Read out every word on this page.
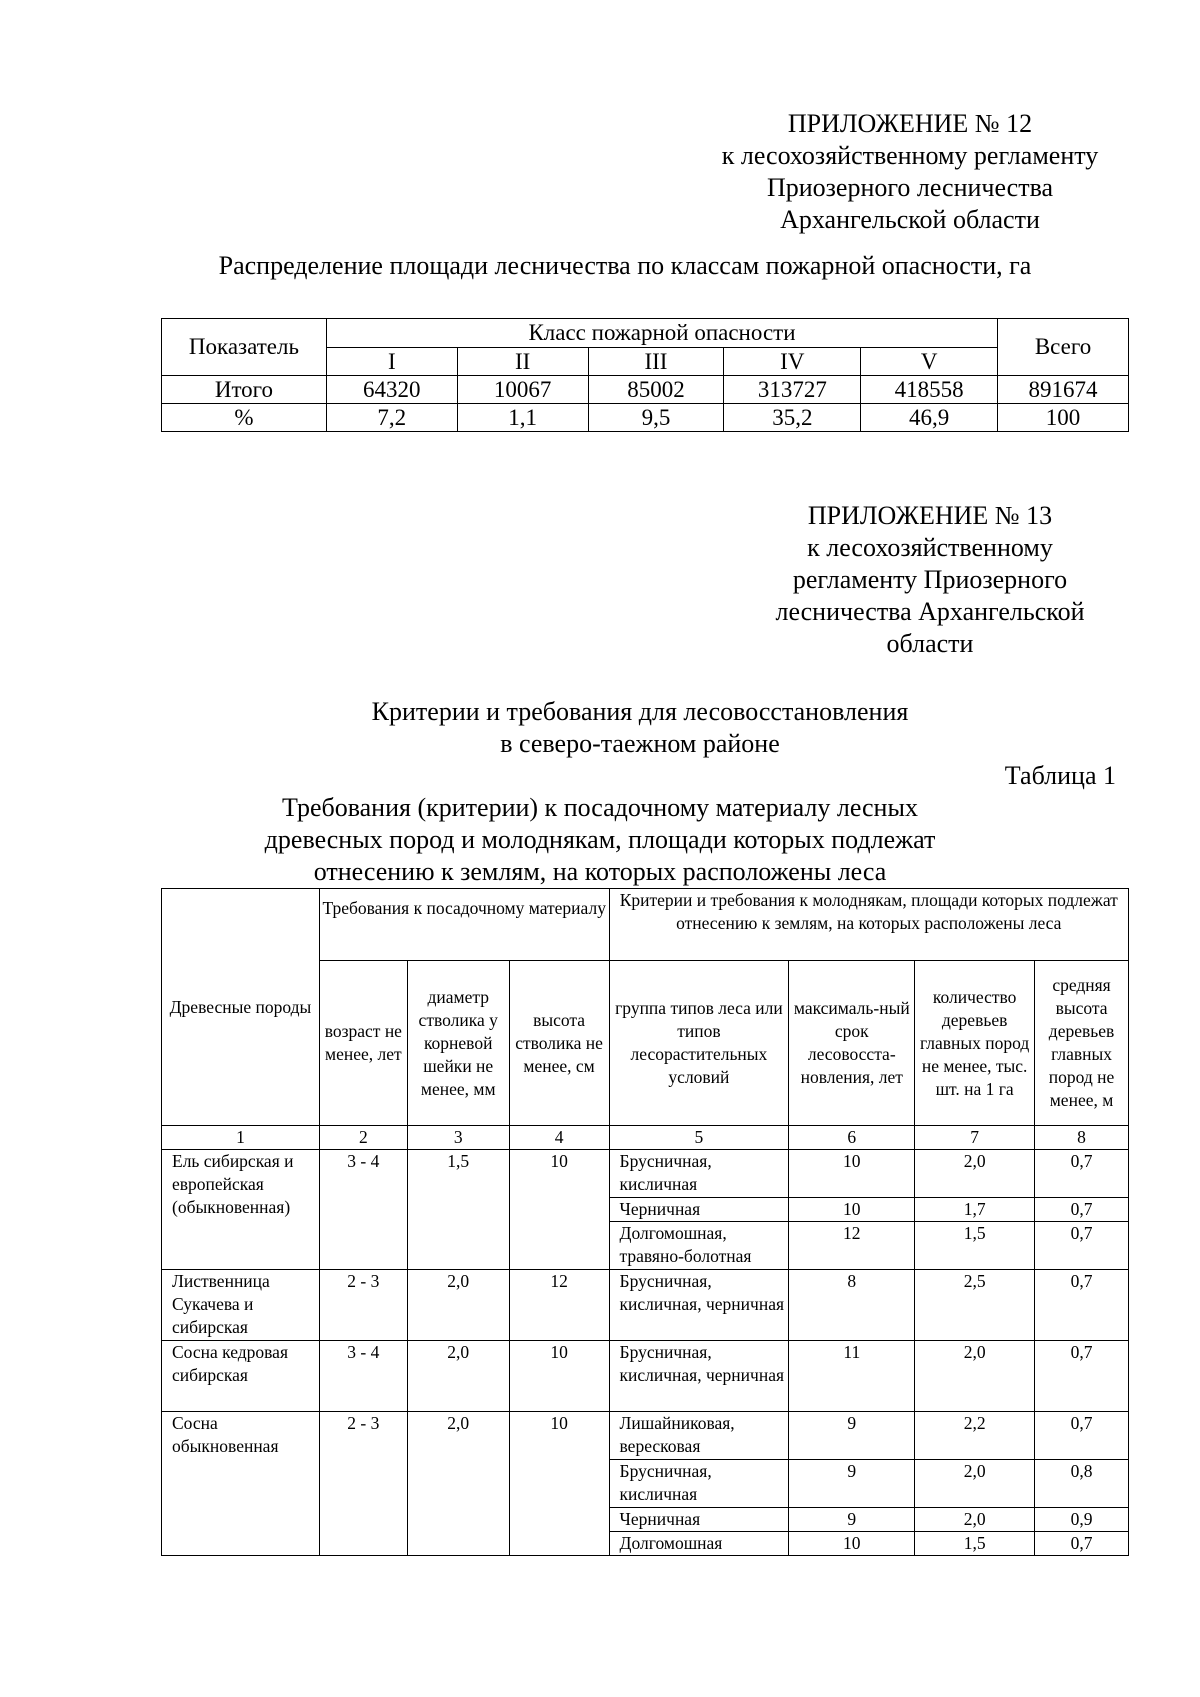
ПРИЛОЖЕНИЕ № 12
к лесохозяйственному регламенту
Приозерного лесничества
Архангельской области
Распределение площади лесничества по классам пожарной опасности, га
Показатель	Класс пожарной опасности					Всего
	I	II	III	IV	V	
Итого	64320	10067	85002	313727	418558	891674
%	7,2	1,1	9,5	35,2	46,9	100
ПРИЛОЖЕНИЕ № 13
к лесохозяйственному
регламенту Приозерного
лесничества Архангельской
области
Критерии и требования для лесовосстановления
в северо-таежном районе
Таблица 1
Требования (критерии) к посадочному материалу лесных
древесных пород и молоднякам, площади которых подлежат
отнесению к землям, на которых расположены леса
Древесные породы	Требования к посадочному материалу			Критерии и требования к молоднякам, площади которых подлежат отнесению к землям, на которых расположены леса			
	возраст не менее, лет	диаметр стволика у корневой шейки не менее, мм	высота стволика не менее, см	группа типов леса или типов лесорастительных условий	максималь-ный срок лесовосста-новления, лет	количество деревьев главных пород не менее, тыс. шт. на 1 га	средняя высота деревьев главных пород не менее, м
1	2	3	4	5	6	7	8
Ель сибирская и европейская (обыкновенная)	3 - 4	1,5	10	Брусничная, кисличная	10	2,0	0,7
				Черничная	10	1,7	0,7
				Долгомошная, травяно-болотная	12	1,5	0,7
Лиственница Сукачева и сибирская	2 - 3	2,0	12	Брусничная, кисличная, черничная	8	2,5	0,7
Сосна кедровая сибирская	3 - 4	2,0	10	Брусничная, кисличная, черничная	11	2,0	0,7
Сосна обыкновенная	2 - 3	2,0	10	Лишайниковая, вересковая	9	2,2	0,7
				Брусничная, кисличная	9	2,0	0,8
				Черничная	9	2,0	0,9
				Долгомошная	10	1,5	0,7
